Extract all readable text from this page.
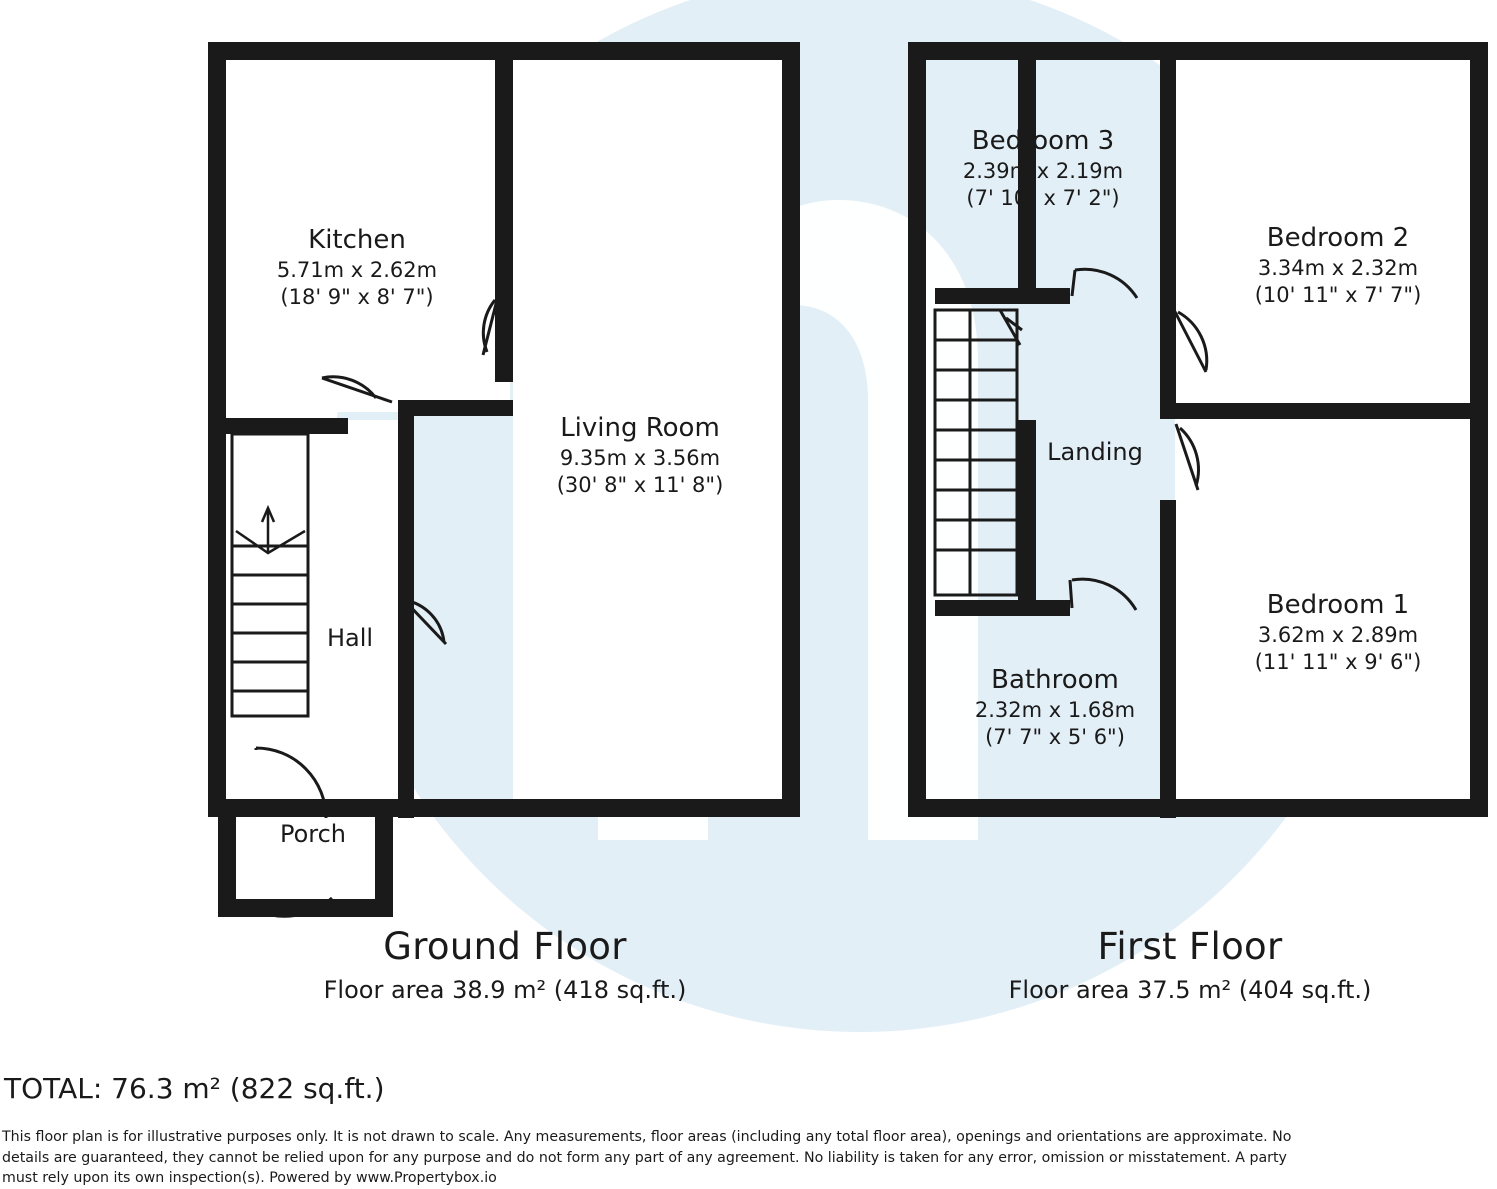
Kitchen
5.71m x 2.62m
(18' 9" x 8' 7")
Living Room
9.35m x 3.56m
(30' 8" x 11' 8")
Hall
Porch
Bedroom 3
2.39m x 2.19m
(7' 10" x 7' 2")
Bedroom 2
3.34m x 2.32m
(10' 11" x 7' 7")
Bedroom 1
3.62m x 2.89m
(11' 11" x 9' 6")
Landing
Bathroom
2.32m x 1.68m
(7' 7" x 5' 6")
Ground Floor
Floor area 38.9 m² (418 sq.ft.)
First Floor
Floor area 37.5 m² (404 sq.ft.)
TOTAL: 76.3 m² (822 sq.ft.)
This floor plan is for illustrative purposes only. It is not drawn to scale. Any measurements, floor areas (including any total floor area), openings and orientations are approximate. No details are guaranteed, they cannot be relied upon for any purpose and do not form any part of any agreement. No liability is taken for any error, omission or misstatement. A party must rely upon its own inspection(s). Powered by www.Propertybox.io
